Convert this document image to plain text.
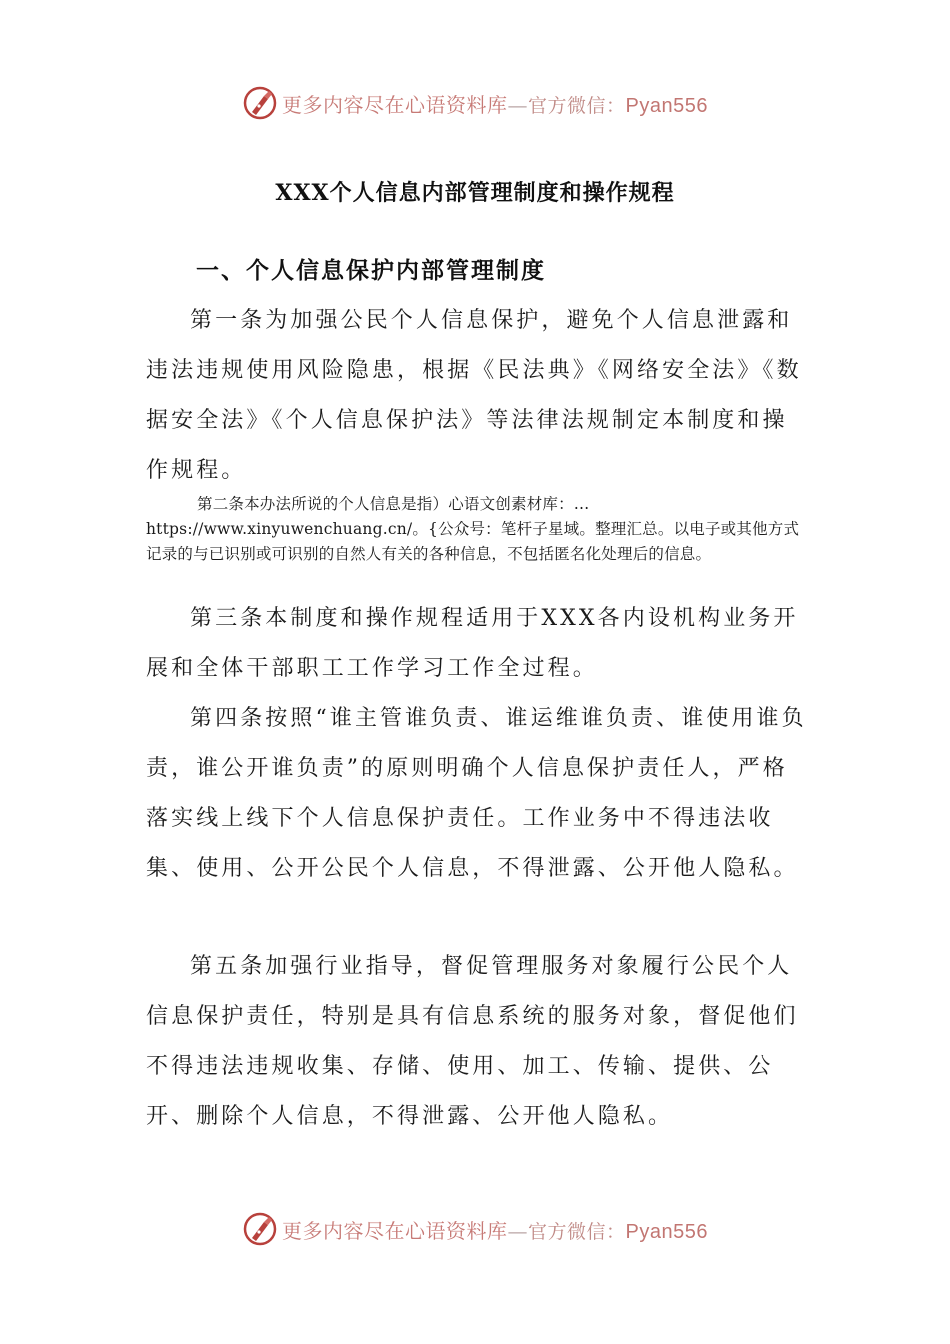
更多内容尽在心语资料库—官方微信：Pyan556
XXX个人信息内部管理制度和操作规程
一、个人信息保护内部管理制度

第一条为加强公民个人信息保护，避免个人信息泄露和违法违规使用风险隐患，根据《民法典》《网络安全法》《数据安全法》《个人信息保护法》等法律法规制定本制度和操作规程。

第二条本办法所说的个人信息是指）心语文创素材库：…https://www.xinyuwenchuang.cn/。{公众号：笔杆子星域。整理汇总。以电子或其他方式记录的与已识别或可识别的自然人有关的各种信息，不包括匿名化处理后的信息。

第三条本制度和操作规程适用于XXX各内设机构业务开展和全体干部职工工作学习工作全过程。

第四条按照“谁主管谁负责、谁运维谁负责、谁使用谁负责，谁公开谁负责”的原则明确个人信息保护责任人，严格落实线上线下个人信息保护责任。工作业务中不得违法收集、使用、公开公民个人信息，不得泄露、公开他人隐私。

第五条加强行业指导，督促管理服务对象履行公民个人信息保护责任，特别是具有信息系统的服务对象，督促他们不得违法违规收集、存储、使用、加工、传输、提供、公开、删除个人信息，不得泄露、公开他人隐私。

更多内容尽在心语资料库—官方微信：Pyan556
